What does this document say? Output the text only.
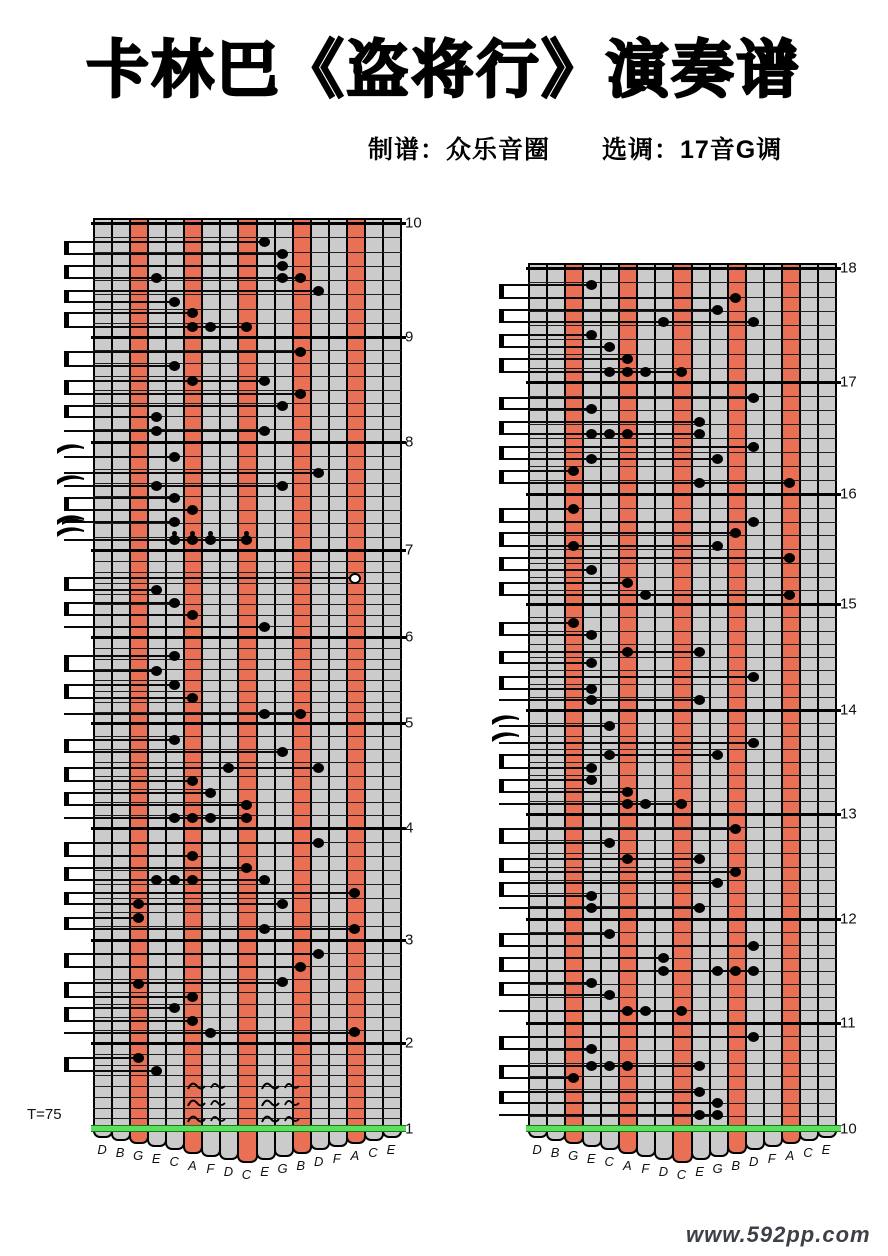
卡林巴《盗将行》演奏谱
制谱：众乐音圈　　选调：17音G调
10
9
8
7
6
5
4
3
2
1
D B G E C A F D C E G B D F A C E
18
17
16
15
14
13
12
11
10
D B G E C A F D C E G B D F A C E
T=75
www.592pp.com
